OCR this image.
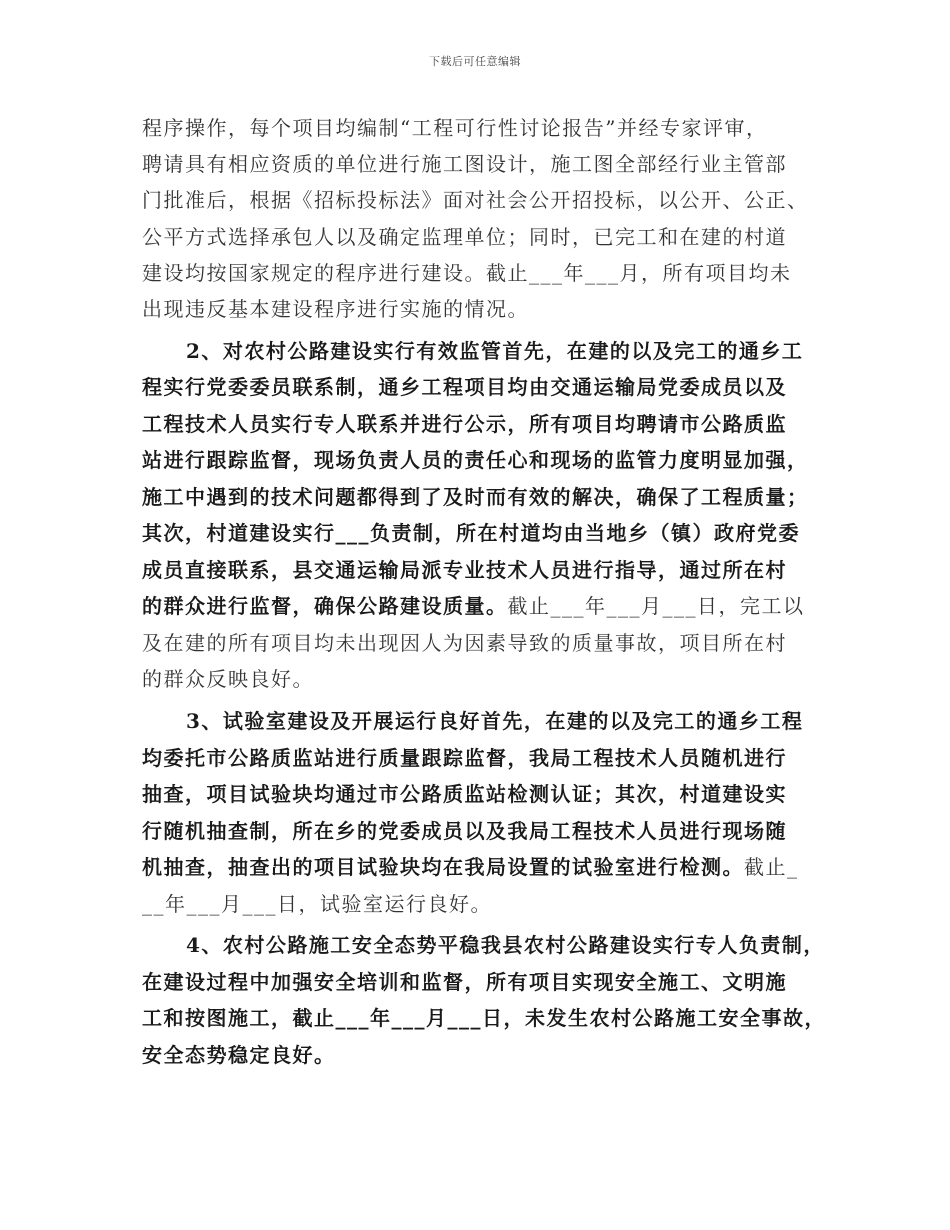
下载后可任意编辑
程序操作，每个项目均编制“工程可行性讨论报告”并经专家评审，
聘请具有相应资质的单位进行施工图设计，施工图全部经行业主管部
门批准后，根据《招标投标法》面对社会公开招投标，以公开、公正、
公平方式选择承包人以及确定监理单位；同时，已完工和在建的村道
建设均按国家规定的程序进行建设。截止___年___月，所有项目均未
出现违反基本建设程序进行实施的情况。
2、对农村公路建设实行有效监管首先，在建的以及完工的通乡工
程实行党委委员联系制，通乡工程项目均由交通运输局党委成员以及
工程技术人员实行专人联系并进行公示，所有项目均聘请市公路质监
站进行跟踪监督，现场负责人员的责任心和现场的监管力度明显加强，
施工中遇到的技术问题都得到了及时而有效的解决，确保了工程质量；
其次，村道建设实行___负责制，所在村道均由当地乡（镇）政府党委
成员直接联系，县交通运输局派专业技术人员进行指导，通过所在村
的群众进行监督，确保公路建设质量。截止___年___月___日，完工以
及在建的所有项目均未出现因人为因素导致的质量事故，项目所在村
的群众反映良好。
3、试验室建设及开展运行良好首先，在建的以及完工的通乡工程
均委托市公路质监站进行质量跟踪监督，我局工程技术人员随机进行
抽查，项目试验块均通过市公路质监站检测认证；其次，村道建设实
行随机抽查制，所在乡的党委成员以及我局工程技术人员进行现场随
机抽查，抽查出的项目试验块均在我局设置的试验室进行检测。截止_
__年___月___日，试验室运行良好。
4、农村公路施工安全态势平稳我县农村公路建设实行专人负责制，
在建设过程中加强安全培训和监督，所有项目实现安全施工、文明施
工和按图施工，截止___年___月___日，未发生农村公路施工安全事故，
安全态势稳定良好。
